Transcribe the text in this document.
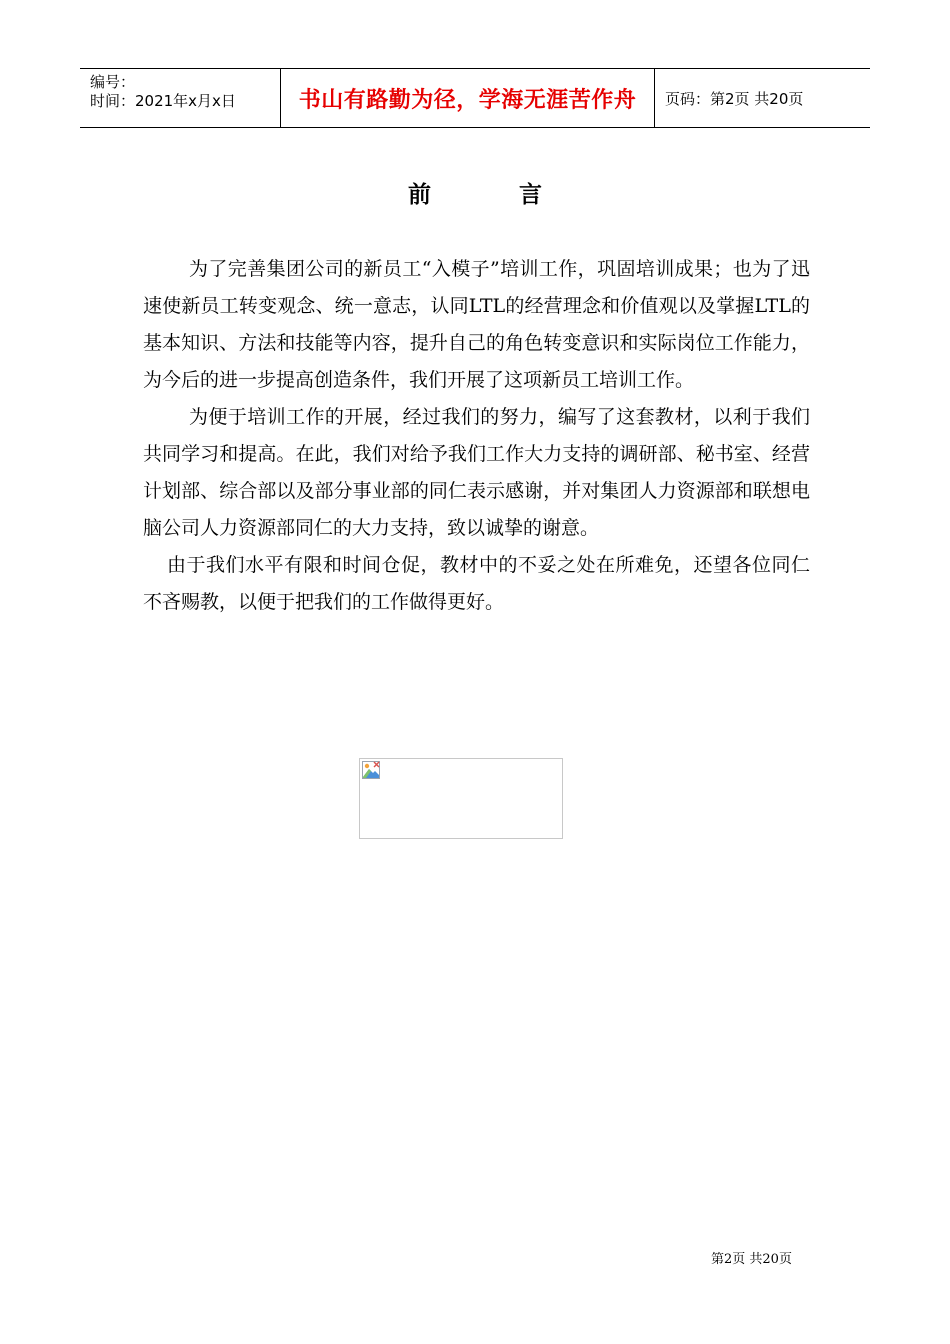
编号：
时间：2021年x月x日	书山有路勤为径，学海无涯苦作舟	页码：第2页 共20页
前 言

为了完善集团公司的新员工“入模子”培训工作，巩固培训成果；也为了迅速使新员工转变观念、统一意志，认同LTL的经营理念和价值观以及掌握LTL的基本知识、方法和技能等内容，提升自己的角色转变意识和实际岗位工作能力，为今后的进一步提高创造条件，我们开展了这项新员工培训工作。

为便于培训工作的开展，经过我们的努力，编写了这套教材，以利于我们共同学习和提高。在此，我们对给予我们工作大力支持的调研部、秘书室、经营计划部、综合部以及部分事业部的同仁表示感谢，并对集团人力资源部和联想电脑公司人力资源部同仁的大力支持，致以诚挚的谢意。

由于我们水平有限和时间仓促，教材中的不妥之处在所难免，还望各位同仁不吝赐教，以便于把我们的工作做得更好。

第2页 共20页
